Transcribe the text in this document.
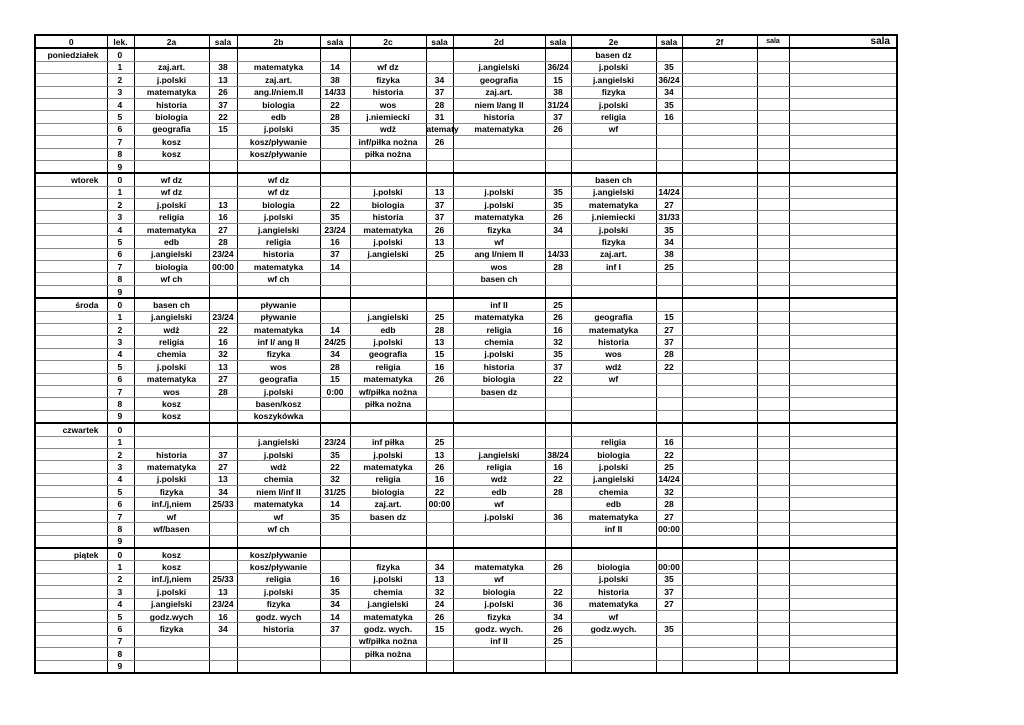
0	lek.	2a	sala	2b	sala	2c	sala	2d	sala	2e	sala	2f	sala	sala
poniedziałek	0									basen dz				
	1	zaj.art.	38	matematyka	14	wf dz		j.angielski	36/24	j.polski	35			
	2	j.polski	13	zaj.art.	38	fizyka	34	geografia	15	j.angielski	36/24			
	3	matematyka	26	ang.I/niem.II	14/33	historia	37	zaj.art.	38	fizyka	34			
	4	historia	37	biologia	22	wos	28	niem I/ang II	31/24	j.polski	35			
	5	biologia	22	edb	28	j.niemiecki	31	historia	37	religia	16			
	6	geografia	15	j.polski	35	wdż	atematy	matematyka	26	wf				
	7	kosz		kosz/pływanie		inf/piłka nożna	26							
	8	kosz		kosz/pływanie		piłka nożna								
	9													
wtorek	0	wf dz		wf dz						basen ch				
	1	wf dz		wf dz		j.polski	13	j.polski	35	j.angielski	14/24			
	2	j.polski	13	biologia	22	biologia	37	j.polski	35	matematyka	27			
	3	religia	16	j.polski	35	historia	37	matematyka	26	j.niemiecki	31/33			
	4	matematyka	27	j.angielski	23/24	matematyka	26	fizyka	34	j.polski	35			
	5	edb	28	religia	16	j.polski	13	wf		fizyka	34			
	6	j.angielski	23/24	historia	37	j.angielski	25	ang I/niem II	14/33	zaj.art.	38			
	7	biologia	00:00	matematyka	14			wos	28	inf I	25			
	8	wf ch		wf ch				basen ch						
	9													
środa	0	basen ch		pływanie				inf II	25					
	1	j.angielski	23/24	pływanie		j.angielski	25	matematyka	26	geografia	15			
	2	wdż	22	matematyka	14	edb	28	religia	16	matematyka	27			
	3	religia	16	inf I/ ang II	24/25	j.polski	13	chemia	32	historia	37			
	4	chemia	32	fizyka	34	geografia	15	j.polski	35	wos	28			
	5	j.polski	13	wos	28	religia	16	historia	37	wdż	22			
	6	matematyka	27	geografia	15	matematyka	26	biologia	22	wf				
	7	wos	28	j.polski	0:00	wf/piłka nożna		basen dz						
	8	kosz		basen/kosz		piłka nożna								
	9	kosz		koszykówka										
czwartek	0													
	1			j.angielski	23/24	inf piłka	25			religia	16			
	2	historia	37	j.polski	35	j.polski	13	j.angielski	38/24	biologia	22			
	3	matematyka	27	wdż	22	matematyka	26	religia	16	j.polski	25			
	4	j.polski	13	chemia	32	religia	16	wdż	22	j.angielski	14/24			
	5	fizyka	34	niem I/inf II	31/25	biologia	22	edb	28	chemia	32			
	6	inf./j,niem	25/33	matematyka	14	zaj.art.	00:00	wf		edb	28			
	7	wf		wf	35	basen dz		j.polski	36	matematyka	27			
	8	wf/basen		wf ch						inf II	00:00			
	9													
piątek	0	kosz		kosz/pływanie										
	1	kosz		kosz/pływanie		fizyka	34	matematyka	26	biologia	00:00			
	2	inf./j,niem	25/33	religia	16	j.polski	13	wf		j.polski	35			
	3	j.polski	13	j.polski	35	chemia	32	biologia	22	historia	37			
	4	j.angielski	23/24	fizyka	34	j.angielski	24	j.polski	36	matematyka	27			
	5	godz.wych	16	godz. wych	14	matematyka	26	fizyka	34	wf				
	6	fizyka	34	historia	37	godz. wych.	15	godz. wych.	26	godz.wych.	35			
	7					wf/piłka nożna		inf II	25					
	8					piłka nożna								
	9													
